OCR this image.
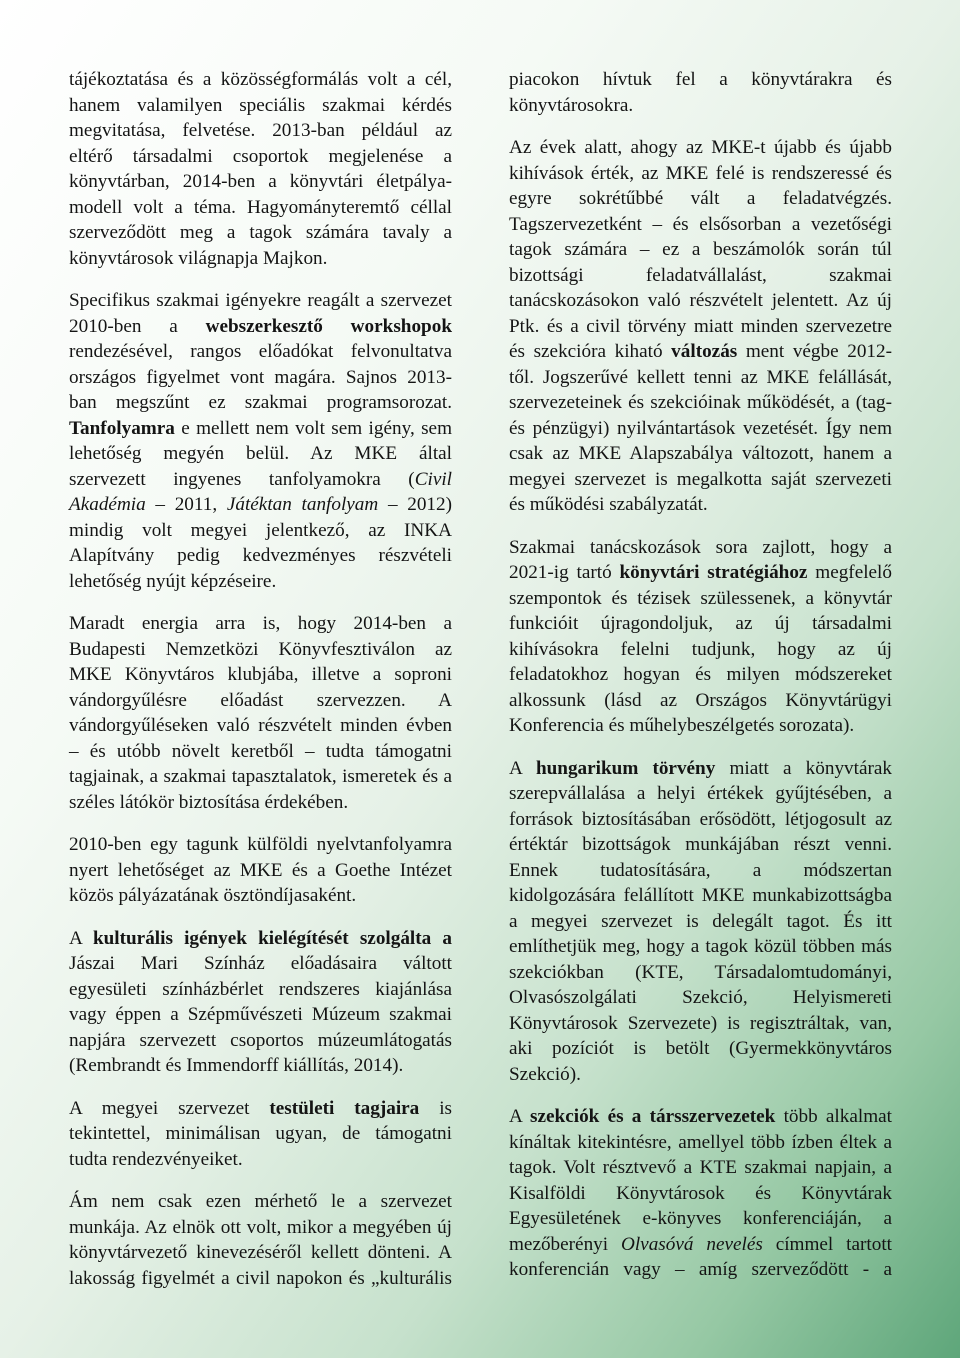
tájékoztatása és a közösségformálás volt a cél,
hanem valamilyen speciális szakmai kérdés
megvitatása, felvetése. 2013-ban például az
eltérő társadalmi csoportok megjelenése a
könyvtárban, 2014-ben a könyvtári életpálya-
modell volt a téma. Hagyományteremtő céllal
szerveződött meg a tagok számára tavaly a
könyvtárosok világnapja Majkon.
Specifikus szakmai igényekre reagált a szervezet
2010-ben a webszerkesztő workshopok
rendezésével, rangos előadókat felvonultatva
országos figyelmet vont magára. Sajnos 2013-
ban megszűnt ez szakmai programsorozat.
Tanfolyamra e mellett nem volt sem igény, sem
lehetőség megyén belül. Az MKE által
szervezett ingyenes tanfolyamokra (Civil
Akadémia – 2011, Játéktan tanfolyam – 2012)
mindig volt megyei jelentkező, az INKA
Alapítvány pedig kedvezményes részvételi
lehetőség nyújt képzéseire.
Maradt energia arra is, hogy 2014-ben a
Budapesti Nemzetközi Könyvfesztiválon az
MKE Könyvtáros klubjába, illetve a soproni
vándorgyűlésre előadást szervezzen. A
vándorgyűléseken való részvételt minden évben
– és utóbb növelt keretből – tudta támogatni
tagjainak, a szakmai tapasztalatok, ismeretek és a
széles látókör biztosítása érdekében.
2010-ben egy tagunk külföldi nyelvtanfolyamra
nyert lehetőséget az MKE és a Goethe Intézet
közös pályázatának ösztöndíjasaként.
A kulturális igények kielégítését szolgálta a
Jászai Mari Színház előadásaira váltott
egyesületi színházbérlet rendszeres kiajánlása
vagy éppen a Szépművészeti Múzeum szakmai
napjára szervezett csoportos múzeumlátogatás
(Rembrandt és Immendorff kiállítás, 2014).
A megyei szervezet testületi tagjaira is
tekintettel, minimálisan ugyan, de támogatni
tudta rendezvényeiket.
Ám nem csak ezen mérhető le a szervezet
munkája. Az elnök ott volt, mikor a megyében új
könyvtárvezető kinevezéséről kellett dönteni. A
lakosság figyelmét a civil napokon és „kulturális
piacokon hívtuk fel a könyvtárakra és
könyvtárosokra.
Az évek alatt, ahogy az MKE-t újabb és újabb
kihívások érték, az MKE felé is rendszeressé és
egyre sokrétűbbé vált a feladatvégzés.
Tagszervezetként – és elsősorban a vezetőségi
tagok számára – ez a beszámolók során túl
bizottsági feladatvállalást, szakmai
tanácskozásokon való részvételt jelentett. Az új
Ptk. és a civil törvény miatt minden szervezetre
és szekcióra kiható változás ment végbe 2012-
től. Jogszerűvé kellett tenni az MKE felállását,
szervezeteinek és szekcióinak működését, a (tag-
és pénzügyi) nyilvántartások vezetését. Így nem
csak az MKE Alapszabálya változott, hanem a
megyei szervezet is megalkotta saját szervezeti
és működési szabályzatát.
Szakmai tanácskozások sora zajlott, hogy a
2021-ig tartó könyvtári stratégiához megfelelő
szempontok és tézisek szülessenek, a könyvtár
funkcióit újragondoljuk, az új társadalmi
kihívásokra felelni tudjunk, hogy az új
feladatokhoz hogyan és milyen módszereket
alkossunk (lásd az Országos Könyvtárügyi
Konferencia és műhelybeszélgetés sorozata).
A hungarikum törvény miatt a könyvtárak
szerepvállalása a helyi értékek gyűjtésében, a
források biztosításában erősödött, létjogosult az
értéktár bizottságok munkájában részt venni.
Ennek tudatosítására, a módszertan
kidolgozására felállított MKE munkabizottságba
a megyei szervezet is delegált tagot. És itt
említhetjük meg, hogy a tagok közül többen más
szekciókban (KTE, Társadalomtudományi,
Olvasószolgálati Szekció, Helyismereti
Könyvtárosok Szervezete) is regisztráltak, van,
aki pozíciót is betölt (Gyermekkönyvtáros
Szekció).
A szekciók és a társszervezetek több alkalmat
kínáltak kitekintésre, amellyel több ízben éltek a
tagok. Volt résztvevő a KTE szakmai napjain, a
Kisalföldi Könyvtárosok és Könyvtárak
Egyesületének e-könyves konferenciáján, a
mezőberényi Olvasóvá nevelés címmel tartott
konferencián vagy – amíg szerveződött - a
